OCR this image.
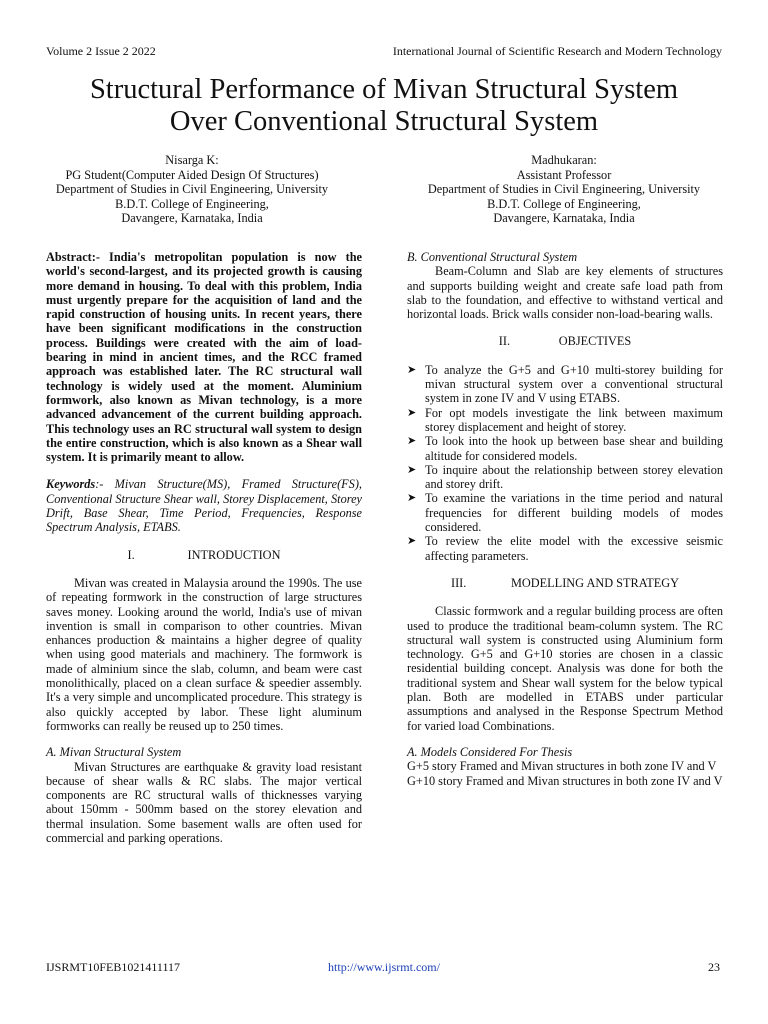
Volume 2 Issue 2 2022	International Journal of Scientific Research and Modern Technology
Structural Performance of Mivan Structural System
Over Conventional Structural System
Nisarga K:
PG Student(Computer Aided Design Of Structures)
Department of Studies in Civil Engineering, University
B.D.T. College of Engineering,
Davangere, Karnataka, India
Madhukaran:
Assistant Professor
Department of Studies in Civil Engineering, University
B.D.T. College of Engineering,
Davangere, Karnataka, India

Abstract:- India's metropolitan population is now the world's second-largest, and its projected growth is causing more demand in housing. To deal with this problem, India must urgently prepare for the acquisition of land and the rapid construction of housing units. In recent years, there have been significant modifications in the construction process. Buildings were created with the aim of load-bearing in mind in ancient times, and the RCC framed approach was established later. The RC structural wall technology is widely used at the moment. Aluminium formwork, also known as Mivan technology, is a more advanced advancement of the current building approach. This technology uses an RC structural wall system to design the entire construction, which is also known as a Shear wall system. It is primarily meant to allow.

Keywords:- Mivan Structure(MS), Framed Structure(FS), Conventional Structure Shear wall, Storey Displacement, Storey Drift, Base Shear, Time Period, Frequencies, Response Spectrum Analysis, ETABS.

I.	INTRODUCTION

Mivan was created in Malaysia around the 1990s. The use of repeating formwork in the construction of large structures saves money. Looking around the world, India's use of mivan invention is small in comparison to other countries. Mivan enhances production & maintains a higher degree of quality when using good materials and machinery. The formwork is made of alminium since the slab, column, and beam were cast monolithically, placed on a clean surface & speedier assembly. It's a very simple and uncomplicated procedure. This strategy is also quickly accepted by labor. These light aluminum formworks can really be reused up to 250 times.

A. Mivan Structural System

Mivan Structures are earthquake & gravity load resistant because of shear walls & RC slabs. The major vertical components are RC structural walls of thicknesses varying about 150mm - 500mm based on the storey elevation and thermal insulation. Some basement walls are often used for commercial and parking operations.

B. Conventional Structural System

Beam-Column and Slab are key elements of structures and supports building weight and create safe load path from slab to the foundation, and effective to withstand vertical and horizontal loads. Brick walls consider non-load-bearing walls.

II.	OBJECTIVES
➤ To analyze the G+5 and G+10 multi-storey building for mivan structural system over a conventional structural system in zone IV and V using ETABS.
➤ For opt models investigate the link between maximum storey displacement and height of storey.
➤ To look into the hook up between base shear and building altitude for considered models.
➤ To inquire about the relationship between storey elevation and storey drift.
➤ To examine the variations in the time period and natural frequencies for different building models of modes considered.
➤ To review the elite model with the excessive seismic affecting parameters.
III.	MODELLING AND STRATEGY

Classic formwork and a regular building process are often used to produce the traditional beam-column system. The RC structural wall system is constructed using Aluminium form technology. G+5 and G+10 stories are chosen in a classic residential building concept. Analysis was done for both the traditional system and Shear wall system for the below typical plan. Both are modelled in ETABS under particular assumptions and analysed in the Response Spectrum Method for varied load Combinations.

A. Models Considered For Thesis

G+5 story Framed and Mivan structures in both zone IV and V

G+10 story Framed and Mivan structures in both zone IV and V

IJSRMT10FEB1021411117	http://www.ijsrmt.com/	23
